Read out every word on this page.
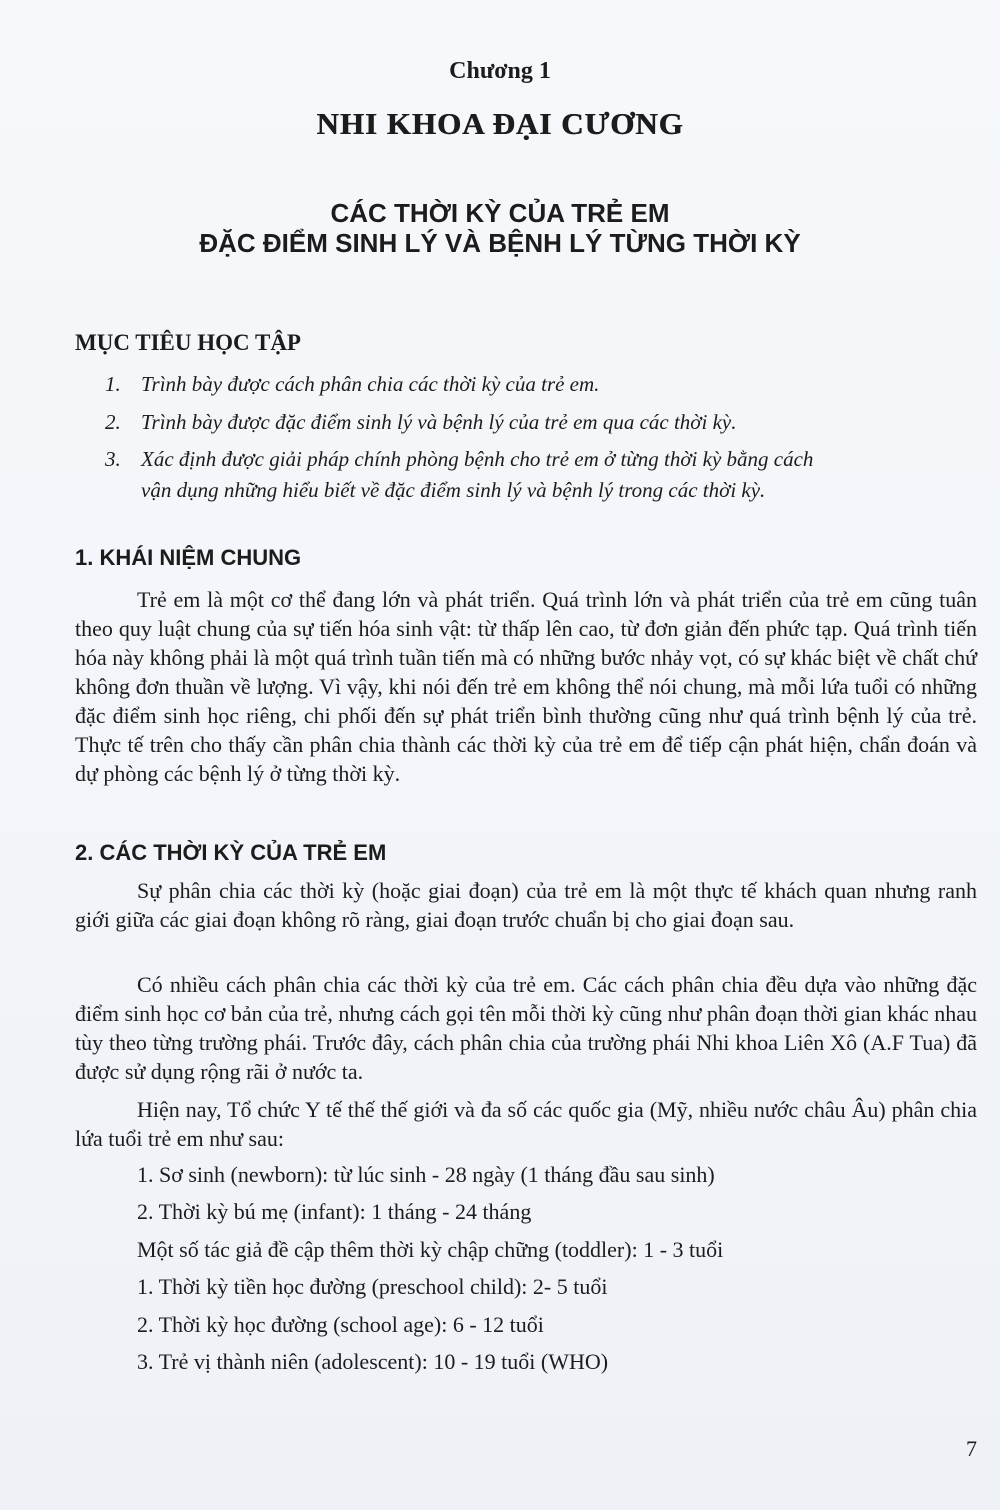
Chương 1
NHI KHOA ĐẠI CƯƠNG
CÁC THỜI KỲ CỦA TRẺ EM
ĐẶC ĐIỂM SINH LÝ VÀ BỆNH LÝ TỪNG THỜI KỲ
MỤC TIÊU HỌC TẬP
1. Trình bày được cách phân chia các thời kỳ của trẻ em.
2. Trình bày được đặc điểm sinh lý và bệnh lý của trẻ em qua các thời kỳ.
3. Xác định được giải pháp chính phòng bệnh cho trẻ em ở từng thời kỳ bằng cách
vận dụng những hiểu biết về đặc điểm sinh lý và bệnh lý trong các thời kỳ.
1. KHÁI NIỆM CHUNG
Trẻ em là một cơ thể đang lớn và phát triển. Quá trình lớn và phát triển của trẻ em cũng tuân theo quy luật chung của sự tiến hóa sinh vật: từ thấp lên cao, từ đơn giản đến phức tạp. Quá trình tiến hóa này không phải là một quá trình tuần tiến mà có những bước nhảy vọt, có sự khác biệt về chất chứ không đơn thuần về lượng. Vì vậy, khi nói đến trẻ em không thể nói chung, mà mỗi lứa tuổi có những đặc điểm sinh học riêng, chi phối đến sự phát triển bình thường cũng như quá trình bệnh lý của trẻ. Thực tế trên cho thấy cần phân chia thành các thời kỳ của trẻ em để tiếp cận phát hiện, chẩn đoán và dự phòng các bệnh lý ở từng thời kỳ.
2. CÁC THỜI KỲ CỦA TRẺ EM
Sự phân chia các thời kỳ (hoặc giai đoạn) của trẻ em là một thực tế khách quan nhưng ranh giới giữa các giai đoạn không rõ ràng, giai đoạn trước chuẩn bị cho giai đoạn sau.
Có nhiều cách phân chia các thời kỳ của trẻ em. Các cách phân chia đều dựa vào những đặc điểm sinh học cơ bản của trẻ, nhưng cách gọi tên mỗi thời kỳ cũng như phân đoạn thời gian khác nhau tùy theo từng trường phái. Trước đây, cách phân chia của trường phái Nhi khoa Liên Xô (A.F Tua) đã được sử dụng rộng rãi ở nước ta.
Hiện nay, Tổ chức Y tế thế thế giới và đa số các quốc gia (Mỹ, nhiều nước châu Âu) phân chia lứa tuổi trẻ em như sau:
1. Sơ sinh (newborn): từ lúc sinh - 28 ngày (1 tháng đầu sau sinh)
2. Thời kỳ bú mẹ (infant): 1 tháng - 24 tháng
Một số tác giả đề cập thêm thời kỳ chập chững (toddler): 1 - 3 tuổi
1. Thời kỳ tiền học đường (preschool child): 2- 5 tuổi
2. Thời kỳ học đường (school age): 6 - 12 tuổi
3. Trẻ vị thành niên (adolescent): 10 - 19 tuổi (WHO)
7
